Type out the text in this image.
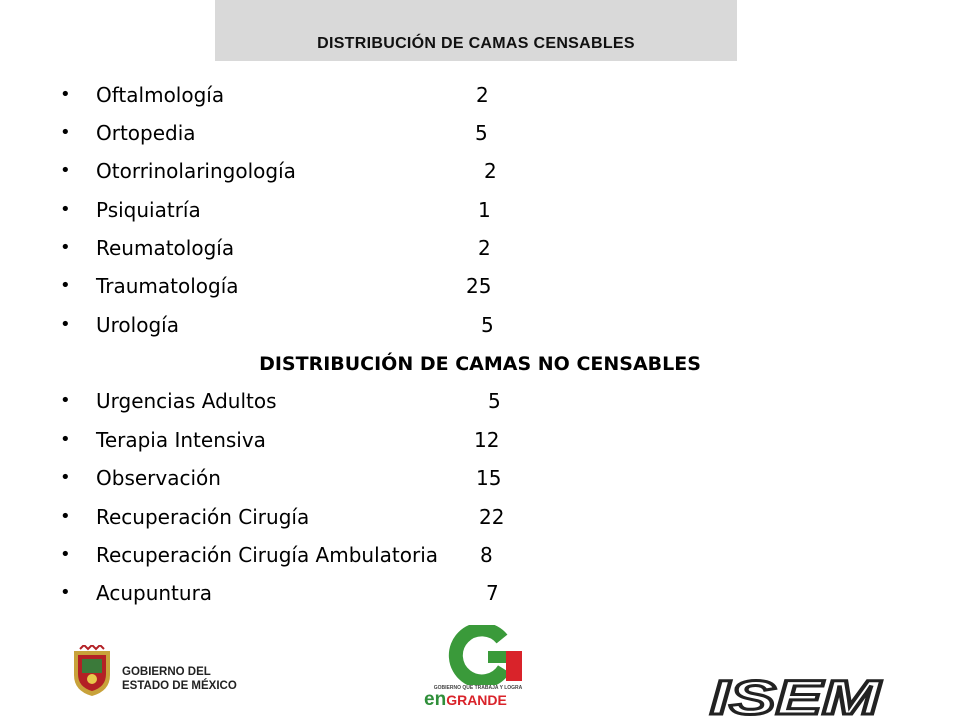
DISTRIBUCIÓN DE CAMAS CENSABLES
• Oftalmología	2
• Ortopedia	5
• Otorrinolaringología	2
• Psiquiatría	1
• Reumatología	2
• Traumatología	25
• Urología	5
DISTRIBUCIÓN DE CAMAS NO CENSABLES
• Urgencias Adultos	5
• Terapia Intensiva	12
• Observación	15
• Recuperación Cirugía	22
• Recuperación Cirugía Ambulatoria 8
• Acupuntura	7
GOBIERNO DEL
ESTADO DE MÉXICO	GOBIERNO QUE TRABAJA Y LOGRA
enGRANDE	ISEM
